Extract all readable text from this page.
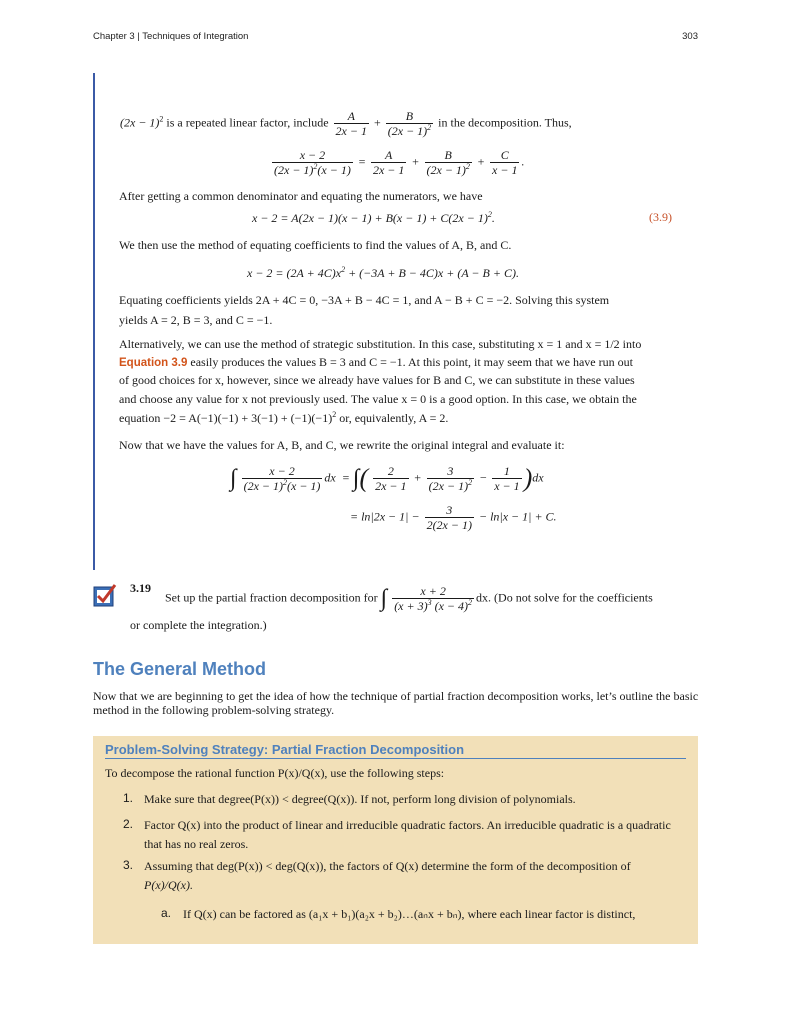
Chapter 3 | Techniques of Integration	303
$(2x - 1)^2$ is a repeated linear factor, include $\frac{A}{2x - 1} + \frac{B}{(2x - 1)^2}$ in the decomposition. Thus,
$\frac{x - 2}{(2x - 1)^2(x - 1)} = \frac{A}{2x - 1} + \frac{B}{(2x - 1)^2} + \frac{C}{x - 1}$ .
After getting a common denominator and equating the numerators, we have
$x - 2 = A(2x - 1)(x - 1) + B(x - 1) + C(2x - 1)^2$.	(3.9)
We then use the method of equating coefficients to find the values of A, B, and C.
$x - 2 = (2A + 4C)x^2 + (-3A + B - 4C)x + (A - B + C)$.
Equating coefficients yields 2A + 4C = 0, −3A + B − 4C = 1, and A − B + C = −2. Solving this system
yields A = 2, B = 3, and C = −1.
Alternatively, we can use the method of strategic substitution. In this case, substituting x = 1 and x = 1/2 into
Equation 3.9 easily produces the values B = 3 and C = −1. At this point, it may seem that we have run out
of good choices for x, however, since we already have values for B and C, we can substitute in these values
and choose any value for x not previously used. The value x = 0 is a good option. In this case, we obtain the
equation $-2 = A(-1)(-1) + 3(-1) + (-1)(-1)^2$ or, equivalently, A = 2.
Now that we have the values for A, B, and C, we rewrite the original integral and evaluate it:
∫ $\frac{x - 2}{(2x - 1)^2(x - 1)}$ dx = ∫( $\frac{2}{2x - 1} + \frac{3}{(2x - 1)^2} - \frac{1}{x - 1} )dx$
= $\ln|2x - 1| - \frac{3}{2(2x - 1)} - \ln|x - 1| + C$.
3.19
Set up the partial fraction decomposition for ∫ $\frac{x + 2}{(x + 3)^3 (x - 4)^2}$ dx. (Do not solve for the coefficients
or complete the integration.)
The General Method
Now that we are beginning to get the idea of how the technique of partial fraction decomposition works, let’s outline the basic method in the following problem-solving strategy.
Problem-Solving Strategy: Partial Fraction Decomposition
To decompose the rational function P(x)/Q(x), use the following steps:
1. Make sure that degree(P(x)) < degree(Q(x)). If not, perform long division of polynomials.
2. Factor Q(x) into the product of linear and irreducible quadratic factors. An irreducible quadratic is a quadratic
that has no real zeros.
3. Assuming that deg(P(x)) < deg(Q(x)), the factors of Q(x) determine the form of the decomposition of
P(x)/Q(x).
a. If Q(x) can be factored as (a₁x + b₁)(a₂x + b₂)…(aₙx + bₙ), where each linear factor is distinct,
